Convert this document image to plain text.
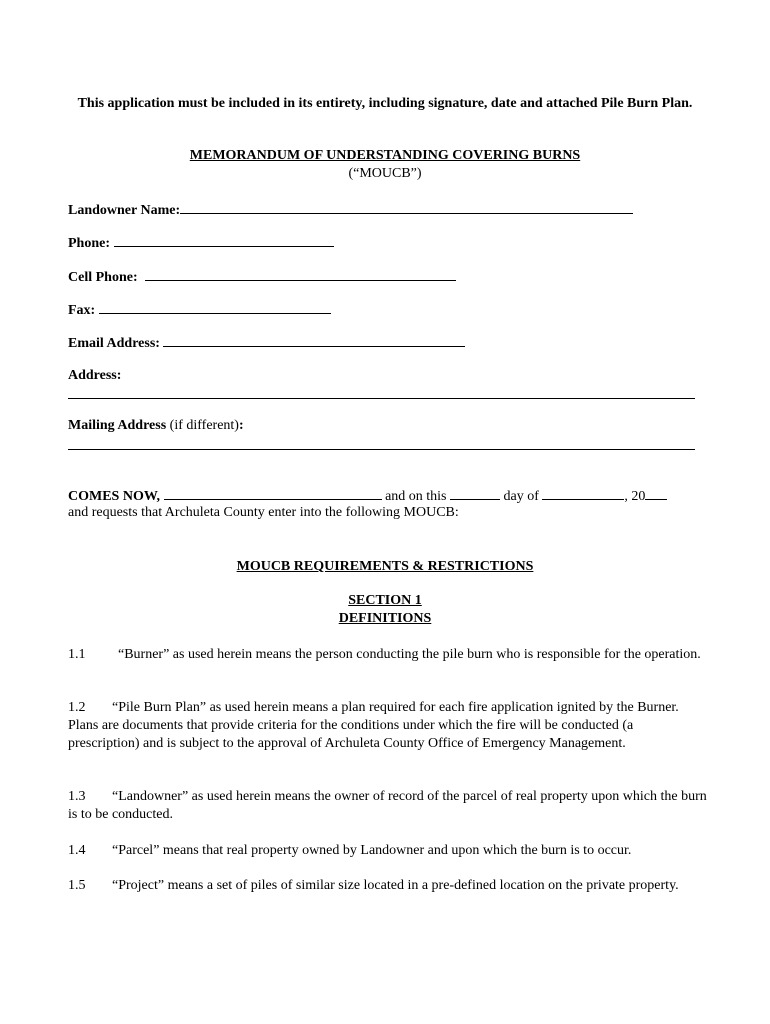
This application must be included in its entirety, including signature, date and attached Pile Burn Plan.
MEMORANDUM OF UNDERSTANDING COVERING BURNS
(“MOUCB”)
Landowner Name:
Phone:
Cell Phone:
Fax:
Email Address:
Address:
Mailing Address (if different):
COMES NOW,	and on this	day of	, 20
and requests that Archuleta County enter into the following MOUCB:
MOUCB REQUIREMENTS & RESTRICTIONS
SECTION 1
DEFINITIONS
1.1 “Burner” as used herein means the person conducting the pile burn who is responsible for the operation.
1.2 “Pile Burn Plan” as used herein means a plan required for each fire application ignited by the Burner. Plans are documents that provide criteria for the conditions under which the fire will be conducted (a prescription) and is subject to the approval of Archuleta County Office of Emergency Management.
1.3 “Landowner” as used herein means the owner of record of the parcel of real property upon which the burn is to be conducted.
1.4 “Parcel” means that real property owned by Landowner and upon which the burn is to occur.
1.5 “Project” means a set of piles of similar size located in a pre-defined location on the private property.
